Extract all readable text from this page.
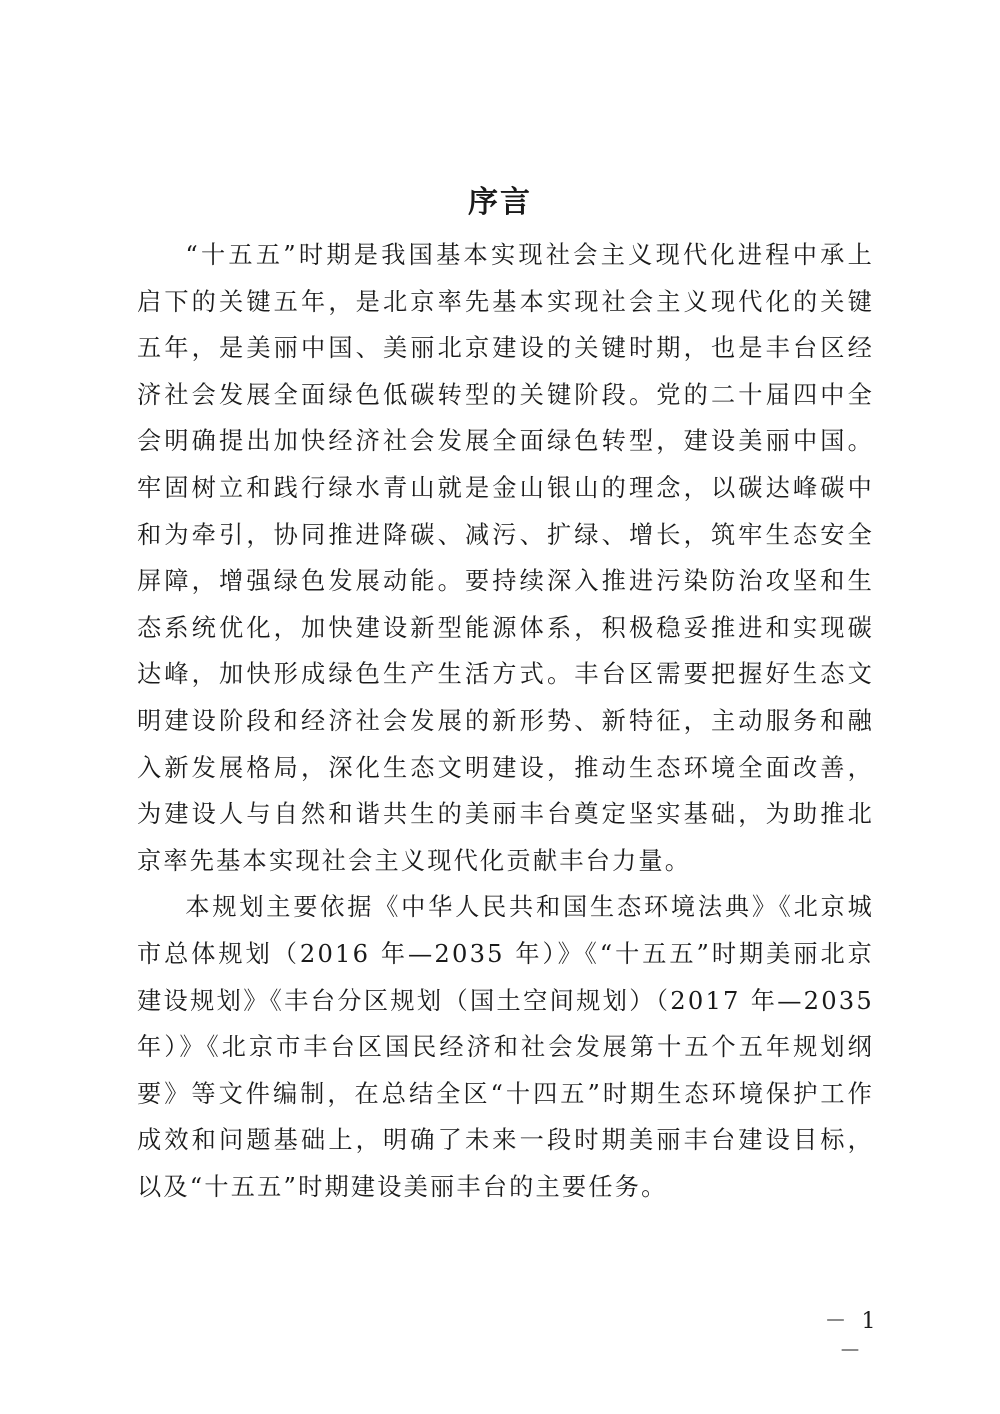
序言

“十五五”时期是我国基本实现社会主义现代化进程中承上启下的关键五年，是北京率先基本实现社会主义现代化的关键五年，是美丽中国、美丽北京建设的关键时期，也是丰台区经济社会发展全面绿色低碳转型的关键阶段。党的二十届四中全会明确提出加快经济社会发展全面绿色转型，建设美丽中国。牢固树立和践行绿水青山就是金山银山的理念，以碳达峰碳中和为牵引，协同推进降碳、减污、扩绿、增长，筑牢生态安全屏障，增强绿色发展动能。要持续深入推进污染防治攻坚和生态系统优化，加快建设新型能源体系，积极稳妥推进和实现碳达峰，加快形成绿色生产生活方式。丰台区需要把握好生态文明建设阶段和经济社会发展的新形势、新特征，主动服务和融入新发展格局，深化生态文明建设，推动生态环境全面改善，为建设人与自然和谐共生的美丽丰台奠定坚实基础，为助推北京率先基本实现社会主义现代化贡献丰台力量。

本规划主要依据《中华人民共和国生态环境法典》《北京城市总体规划（2016 年—2035 年）》《“十五五”时期美丽北京建设规划》《丰台分区规划（国土空间规划）（2017 年—2035 年）》《北京市丰台区国民经济和社会发展第十五个五年规划纲要》等文件编制，在总结全区“十四五”时期生态环境保护工作成效和问题基础上，明确了未来一段时期美丽丰台建设目标，以及“十五五”时期建设美丽丰台的主要任务。

－ 1 －
